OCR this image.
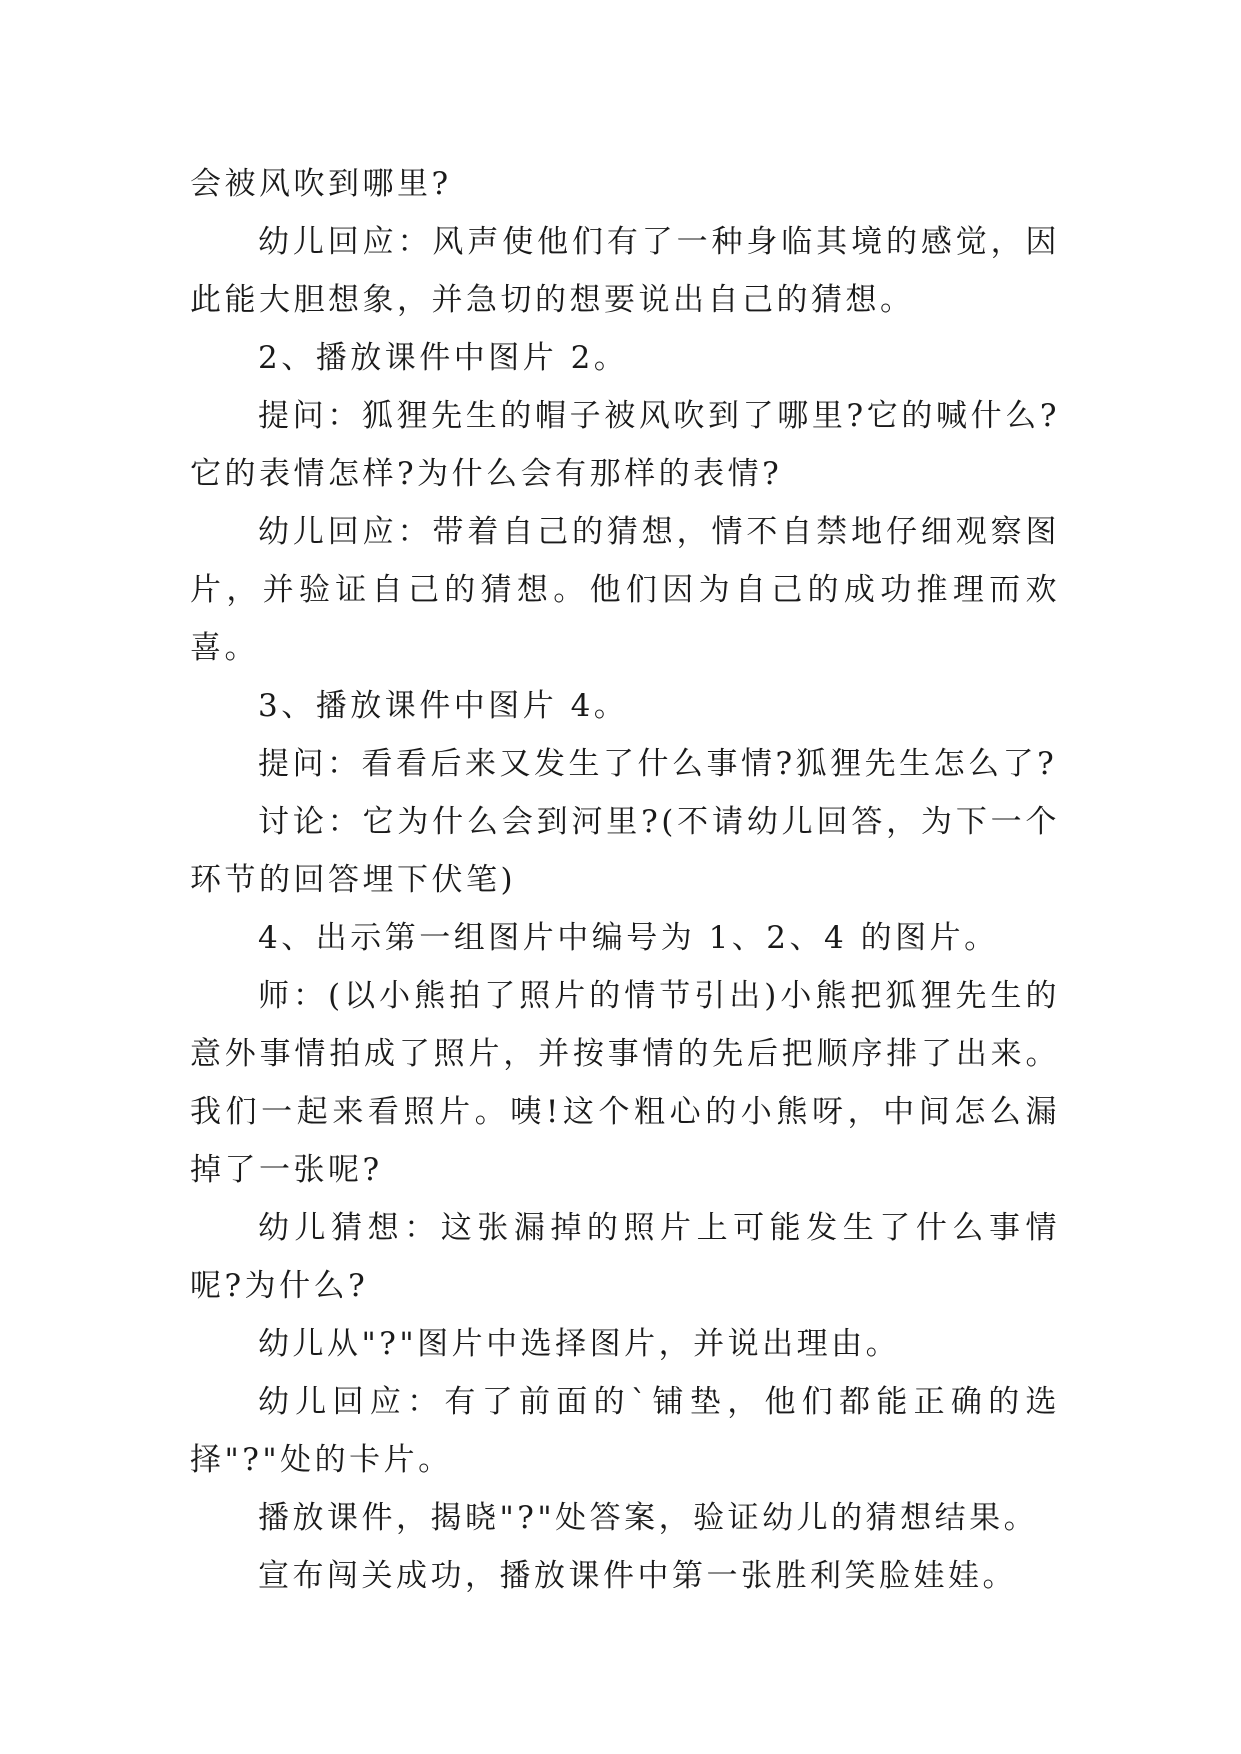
会被风吹到哪里?

幼儿回应：风声使他们有了一种身临其境的感觉，因此能大胆想象，并急切的想要说出自己的猜想。

2、播放课件中图片 2。

提问：狐狸先生的帽子被风吹到了哪里?它的喊什么?它的表情怎样?为什么会有那样的表情?

幼儿回应：带着自己的猜想，情不自禁地仔细观察图片，并验证自己的猜想。他们因为自己的成功推理而欢喜。

3、播放课件中图片 4。

提问：看看后来又发生了什么事情?狐狸先生怎么了?

讨论：它为什么会到河里?(不请幼儿回答，为下一个环节的回答埋下伏笔)

4、出示第一组图片中编号为 1、2、4 的图片。

师：(以小熊拍了照片的情节引出)小熊把狐狸先生的意外事情拍成了照片，并按事情的先后把顺序排了出来。我们一起来看照片。咦!这个粗心的小熊呀，中间怎么漏掉了一张呢?

幼儿猜想：这张漏掉的照片上可能发生了什么事情呢?为什么?

幼儿从"?"图片中选择图片，并说出理由。

幼儿回应：有了前面的`铺垫，他们都能正确的选择"?"处的卡片。

播放课件，揭晓"?"处答案，验证幼儿的猜想结果。

宣布闯关成功，播放课件中第一张胜利笑脸娃娃。
